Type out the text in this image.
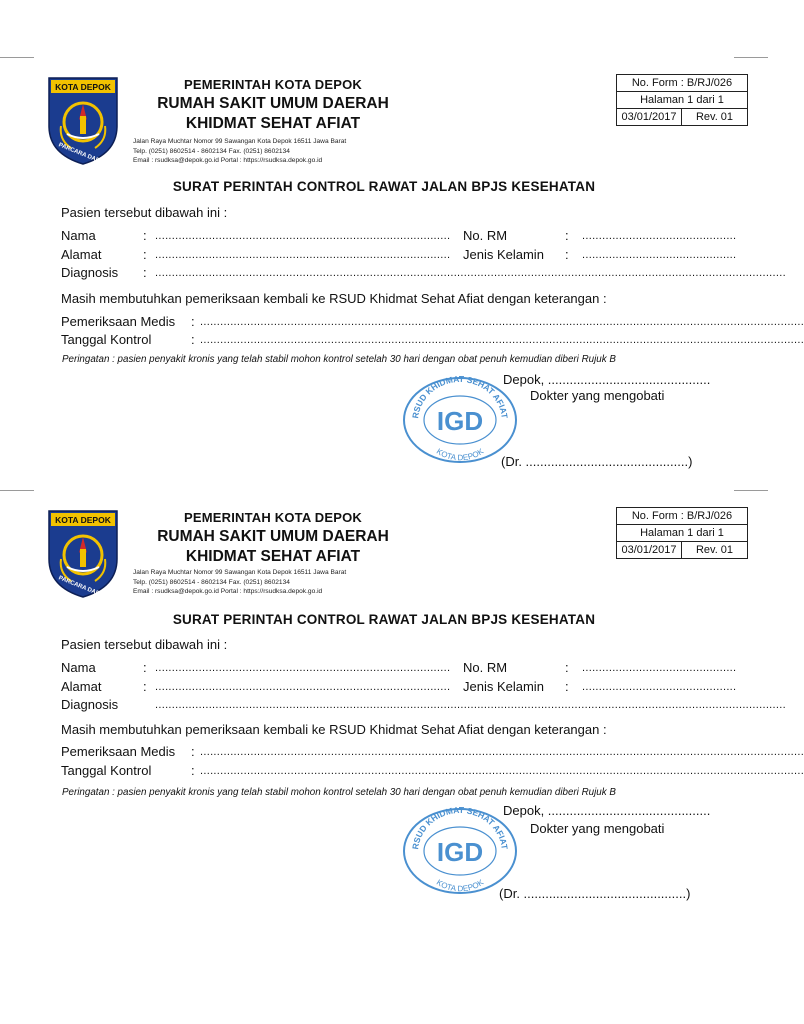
KOTA DEPOK
PARCARA DARMA
PEMERINTAH KOTA DEPOK
RUMAH SAKIT UMUM DAERAH
KHIDMAT SEHAT AFIAT
Jalan Raya Muchtar Nomor 99 Sawangan Kota Depok 16511 Jawa Barat
Telp. (0251) 8602514 - 8602134 Fax. (0251) 8602134
Email : rsudksa@depok.go.id Portal : https://rsudksa.depok.go.id
No. Form : B/RJ/026
Halaman 1 dari 1
03/01/2017	Rev. 01
SURAT PERINTAH CONTROL RAWAT JALAN BPJS KESEHATAN
Pasien tersebut dibawah ini :
Nama	: ........................................................................................ No. RM	: ..............................................
Alamat	: ........................................................................................ Jenis Kelamin : ..............................................
Diagnosis : ............................................................................................................................................................................................
Masih membutuhkan pemeriksaan kembali ke RSUD Khidmat Sehat Afiat dengan keterangan :
Pemeriksaan Medis : ....................................................................................................................................................................................
Tanggal Kontrol	: ....................................................................................................................................................................................
Peringatan : pasien penyakit kronis yang telah stabil mohon kontrol setelah 30 hari dengan obat penuh kemudian diberi Rujuk B
RSUD KHIDMAT SEHAT AFIAT
KOTA DEPOK
IGD
Depok, .............................................
Dokter yang mengobati
(Dr. .............................................)
KOTA DEPOK
PARCARA DARMA
PEMERINTAH KOTA DEPOK
RUMAH SAKIT UMUM DAERAH
KHIDMAT SEHAT AFIAT
Jalan Raya Muchtar Nomor 99 Sawangan Kota Depok 16511 Jawa Barat
Telp. (0251) 8602514 - 8602134 Fax. (0251) 8602134
Email : rsudksa@depok.go.id Portal : https://rsudksa.depok.go.id
No. Form : B/RJ/026
Halaman 1 dari 1
03/01/2017	Rev. 01
SURAT PERINTAH CONTROL RAWAT JALAN BPJS KESEHATAN
Pasien tersebut dibawah ini :
Nama	: ........................................................................................ No. RM	: ..............................................
Alamat	: ........................................................................................ Jenis Kelamin : ..............................................
Diagnosis	............................................................................................................................................................................................
Masih membutuhkan pemeriksaan kembali ke RSUD Khidmat Sehat Afiat dengan keterangan :
Pemeriksaan Medis : ....................................................................................................................................................................................
Tanggal Kontrol	: ....................................................................................................................................................................................
Peringatan : pasien penyakit kronis yang telah stabil mohon kontrol setelah 30 hari dengan obat penuh kemudian diberi Rujuk B
RSUD KHIDMAT SEHAT AFIAT
KOTA DEPOK
IGD
Depok, .............................................
Dokter yang mengobati
(Dr. .............................................)
